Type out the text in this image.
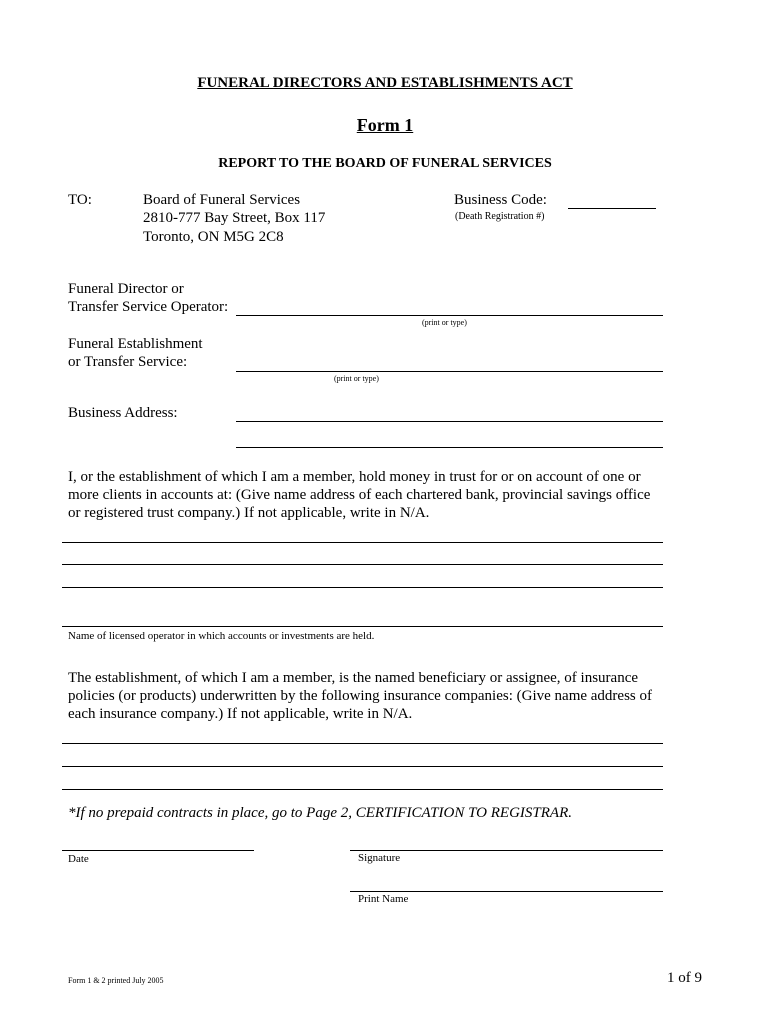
FUNERAL DIRECTORS AND ESTABLISHMENTS ACT
Form 1
REPORT TO THE BOARD OF FUNERAL SERVICES
TO:	Board of Funeral Services
2810-777 Bay Street, Box 117
Toronto, ON M5G 2C8
Business Code:
(Death Registration #)
Funeral Director or
Transfer Service Operator:
(print or type)
Funeral Establishment
or Transfer Service:
(print or type)
Business Address:
I, or the establishment of which I am a member, hold money in trust for or on account of one or
more clients in accounts at: (Give name address of each chartered bank, provincial savings office
or registered trust company.) If not applicable, write in N/A.
Name of licensed operator in which accounts or investments are held.
The establishment, of which I am a member, is the named beneficiary or assignee, of insurance
policies (or products) underwritten by the following insurance companies: (Give name address of
each insurance company.) If not applicable, write in N/A.
*If no prepaid contracts in place, go to Page 2, CERTIFICATION TO REGISTRAR.
Date	Signature
Print Name
Form 1 & 2 printed July 2005	1 of 9
